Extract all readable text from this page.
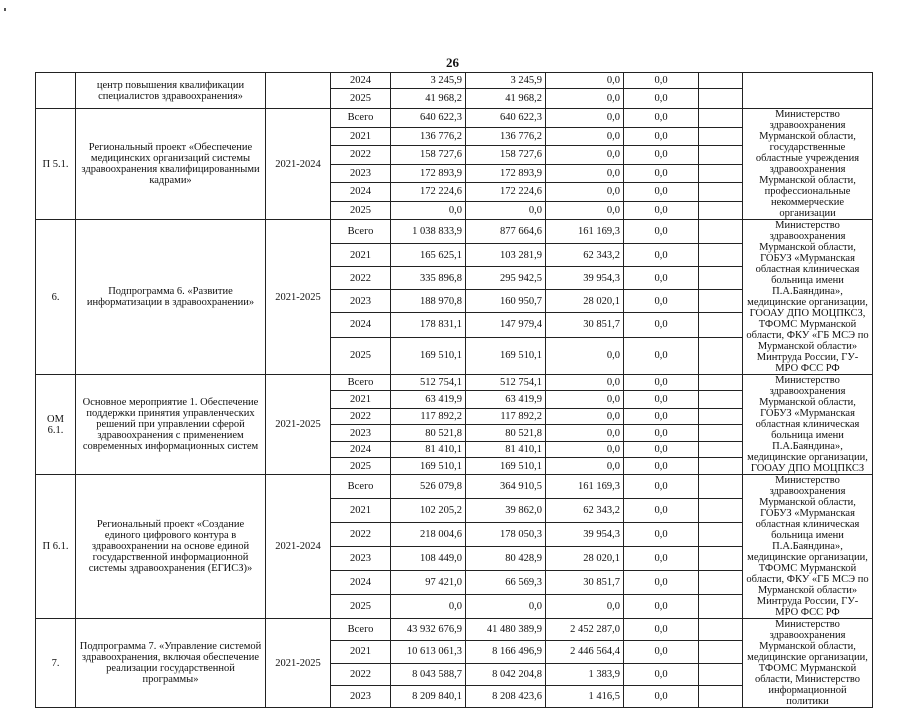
26
	центр повышения квалификации специалистов здравоохранения»		2024	3 245,9	3 245,9	0,0	0,0		
			2025	41 968,2	41 968,2	0,0	0,0		
П 5.1.	Региональный проект «Обеспечение медицинских организаций системы здравоохранения квалифицированными кадрами»	2021-2024	Всего	640 622,3	640 622,3	0,0	0,0		Министерство здравоохранения Мурманской области, государственные областные учреждения здравоохранения Мурманской области, профессиональные некоммерческие организации
			2021	136 776,2	136 776,2	0,0	0,0		
			2022	158 727,6	158 727,6	0,0	0,0		
			2023	172 893,9	172 893,9	0,0	0,0		
			2024	172 224,6	172 224,6	0,0	0,0		
			2025	0,0	0,0	0,0	0,0		
6.	Подпрограмма 6. «Развитие информатизации в здравоохранении»	2021-2025	Всего	1 038 833,9	877 664,6	161 169,3	0,0		Министерство здравоохранения Мурманской области, ГОБУЗ «Мурманская областная клиническая больница имени П.А.Баяндина», медицинские организации, ГООАУ ДПО МОЦПКСЗ, ТФОМС Мурманской области, ФКУ «ГБ МСЭ по Мурманской области» Минтруда России, ГУ-МРО ФСС РФ
			2021	165 625,1	103 281,9	62 343,2	0,0		
			2022	335 896,8	295 942,5	39 954,3	0,0		
			2023	188 970,8	160 950,7	28 020,1	0,0		
			2024	178 831,1	147 979,4	30 851,7	0,0		
			2025	169 510,1	169 510,1	0,0	0,0		
ОМ 6.1.	Основное мероприятие 1. Обеспечение поддержки принятия управленческих решений при управлении сферой здравоохранения с применением современных информационных систем	2021-2025	Всего	512 754,1	512 754,1	0,0	0,0		Министерство здравоохранения Мурманской области, ГОБУЗ «Мурманская областная клиническая больница имени П.А.Баяндина», медицинские организации, ГООАУ ДПО МОЦПКСЗ
			2021	63 419,9	63 419,9	0,0	0,0		
			2022	117 892,2	117 892,2	0,0	0,0		
			2023	80 521,8	80 521,8	0,0	0,0		
			2024	81 410,1	81 410,1	0,0	0,0		
			2025	169 510,1	169 510,1	0,0	0,0		
П 6.1.	Региональный проект «Создание единого цифрового контура в здравоохранении на основе единой государственной информационной системы здравоохранения (ЕГИСЗ)»	2021-2024	Всего	526 079,8	364 910,5	161 169,3	0,0		Министерство здравоохранения Мурманской области, ГОБУЗ «Мурманская областная клиническая больница имени П.А.Баяндина», медицинские организации, ТФОМС Мурманской области, ФКУ «ГБ МСЭ по Мурманской области» Минтруда России, ГУ-МРО ФСС РФ
			2021	102 205,2	39 862,0	62 343,2	0,0		
			2022	218 004,6	178 050,3	39 954,3	0,0		
			2023	108 449,0	80 428,9	28 020,1	0,0		
			2024	97 421,0	66 569,3	30 851,7	0,0		
			2025	0,0	0,0	0,0	0,0		
7.	Подпрограмма 7. «Управление системой здравоохранения, включая обеспечение реализации государственной программы»	2021-2025	Всего	43 932 676,9	41 480 389,9	2 452 287,0	0,0		Министерство здравоохранения Мурманской области, медицинские организации, ТФОМС Мурманской области, Министерство информационной политики
			2021	10 613 061,3	8 166 496,9	2 446 564,4	0,0		
			2022	8 043 588,7	8 042 204,8	1 383,9	0,0		
			2023	8 209 840,1	8 208 423,6	1 416,5	0,0		
